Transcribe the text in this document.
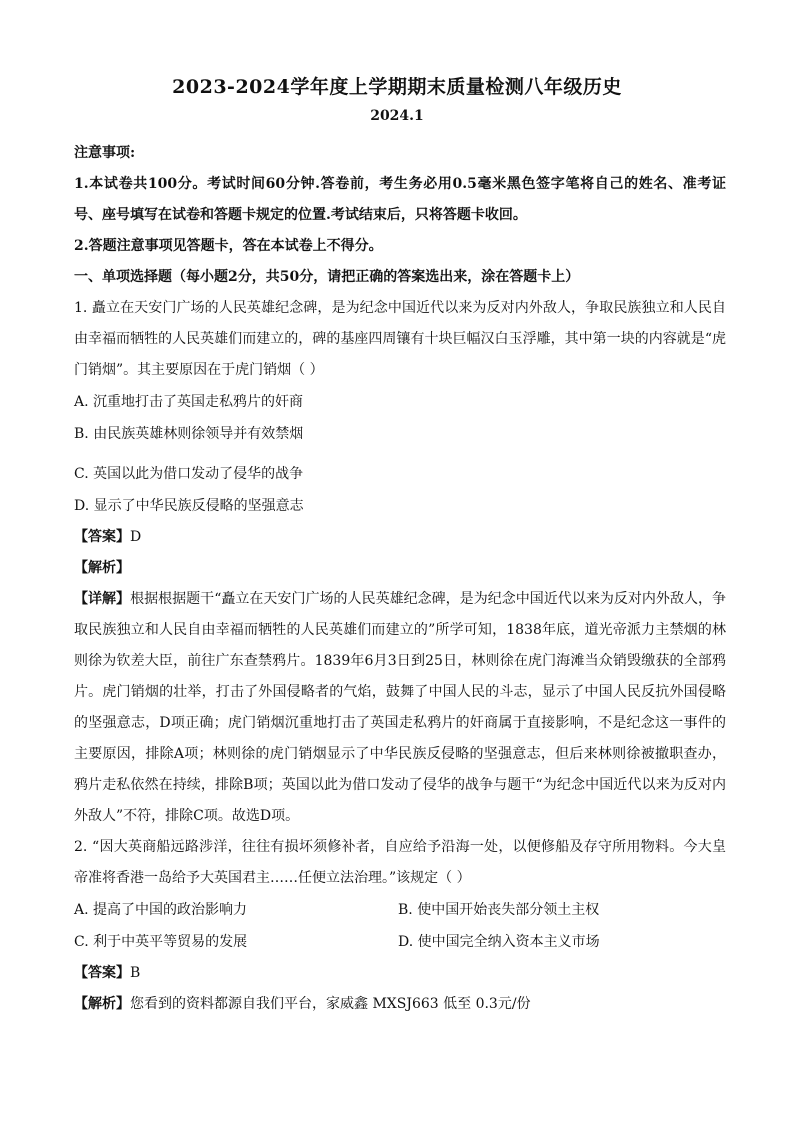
2023-2024学年度上学期期末质量检测八年级历史
2024.1
注意事项:
1.本试卷共100分。考试时间60分钟.答卷前，考生务必用0.5毫米黑色签字笔将自己的姓名、准考证号、座号填写在试卷和答题卡规定的位置.考试结束后，只将答题卡收回。
2.答题注意事项见答题卡，答在本试卷上不得分。
一、单项选择题（每小题2分，共50分，请把正确的答案选出来，涂在答题卡上）
1. 矗立在天安门广场的人民英雄纪念碑，是为纪念中国近代以来为反对内外敌人，争取民族独立和人民自由幸福而牺牲的人民英雄们而建立的，碑的基座四周镶有十块巨幅汉白玉浮雕，其中第一块的内容就是“虎门销烟”。其主要原因在于虎门销烟（ ）
A. 沉重地打击了英国走私鸦片的奸商
B. 由民族英雄林则徐领导并有效禁烟
C. 英国以此为借口发动了侵华的战争
D. 显示了中华民族反侵略的坚强意志
【答案】D
【解析】
【详解】根据根据题干“矗立在天安门广场的人民英雄纪念碑，是为纪念中国近代以来为反对内外敌人，争取民族独立和人民自由幸福而牺牲的人民英雄们而建立的”所学可知，1838年底，道光帝派力主禁烟的林则徐为钦差大臣，前往广东查禁鸦片。1839年6月3日到25日，林则徐在虎门海滩当众销毁缴获的全部鸦片。虎门销烟的壮举，打击了外国侵略者的气焰，鼓舞了中国人民的斗志，显示了中国人民反抗外国侵略的坚强意志，D项正确；虎门销烟沉重地打击了英国走私鸦片的奸商属于直接影响，不是纪念这一事件的主要原因，排除A项；林则徐的虎门销烟显示了中华民族反侵略的坚强意志，但后来林则徐被撤职查办，鸦片走私依然在持续，排除B项；英国以此为借口发动了侵华的战争与题干“为纪念中国近代以来为反对内外敌人”不符，排除C项。故选D项。
2. “因大英商船远路涉洋，往往有损坏须修补者，自应给予沿海一处，以便修船及存守所用物料。今大皇帝准将香港一岛给予大英国君主……任便立法治理。”该规定（ ）
A. 提高了中国的政治影响力	B. 使中国开始丧失部分领土主权
C. 利于中英平等贸易的发展	D. 使中国完全纳入资本主义市场
【答案】B
【解析】您看到的资料都源自我们平台，家威鑫 MXSJ663 低至 0.3元/份
